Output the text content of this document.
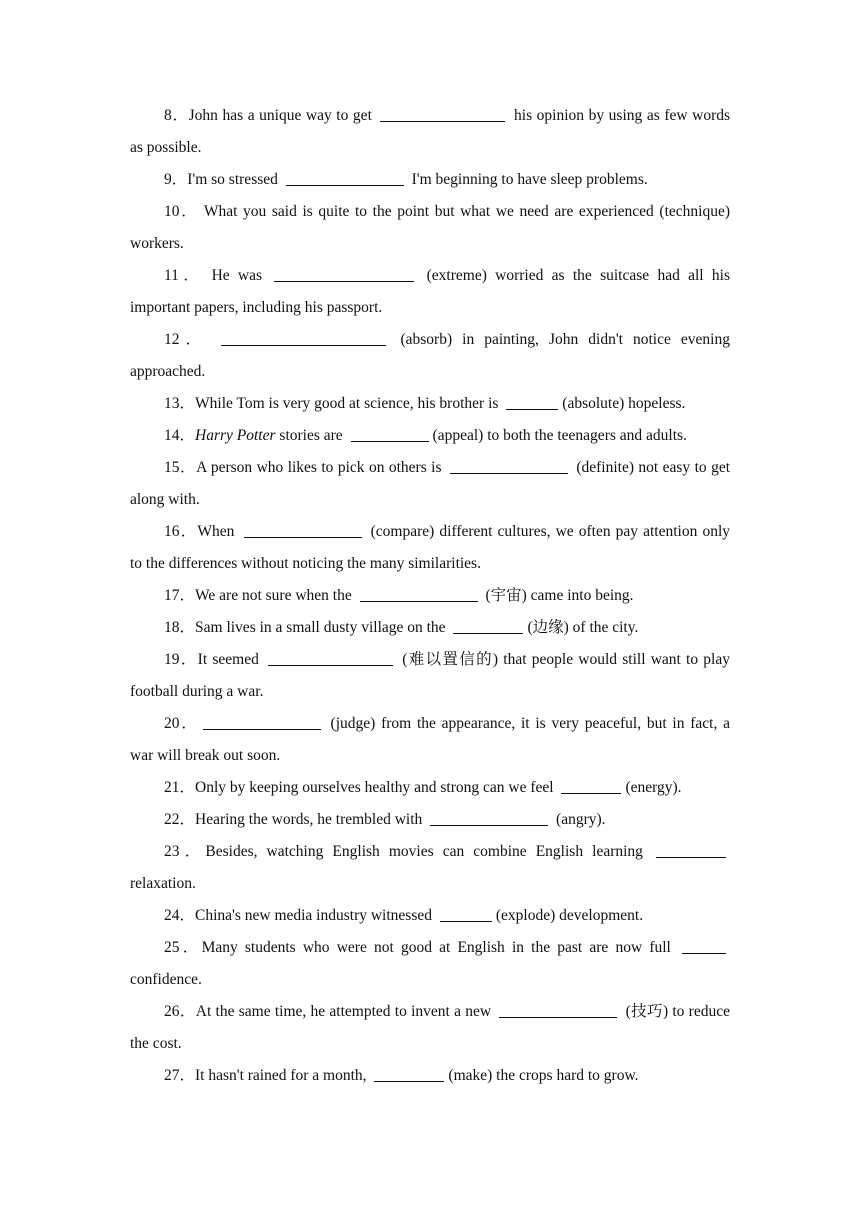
8．John has a unique way to get	his opinion by using as few words as possible.

9．I'm so stressed	I'm beginning to have sleep problems.

10． What you said is quite to the point but what we need are experienced (technique) workers.

11． He was	(extreme) worried as the suitcase had all his important papers, including his passport.

12．	(absorb) in painting, John didn't notice evening approached.

13．While Tom is very good at science, his brother is	(absolute) hopeless.

14．Harry Potter stories are	(appeal) to both the teenagers and adults.

15．A person who likes to pick on others is	(definite) not easy to get along with.

16．When	(compare) different cultures, we often pay attention only to the differences without noticing the many similarities.

17．We are not sure when the	(宇宙) came into being.

18．Sam lives in a small dusty village on the	(边缘) of the city.

19．It seemed	(难以置信的) that people would still want to play football during a war.

20．	(judge) from the appearance, it is very peaceful, but in fact, a war will break out soon.

21．Only by keeping ourselves healthy and strong can we feel	(energy).

22．Hearing the words, he trembled with	(angry).

23．Besides, watching English movies can combine English learning  relaxation.

24．China's new media industry witnessed	(explode) development.

25．Many students who were not good at English in the past are now full  confidence.

26．At the same time, he attempted to invent a new	(技巧) to reduce the cost.

27．It hasn't rained for a month,	(make) the crops hard to grow.
